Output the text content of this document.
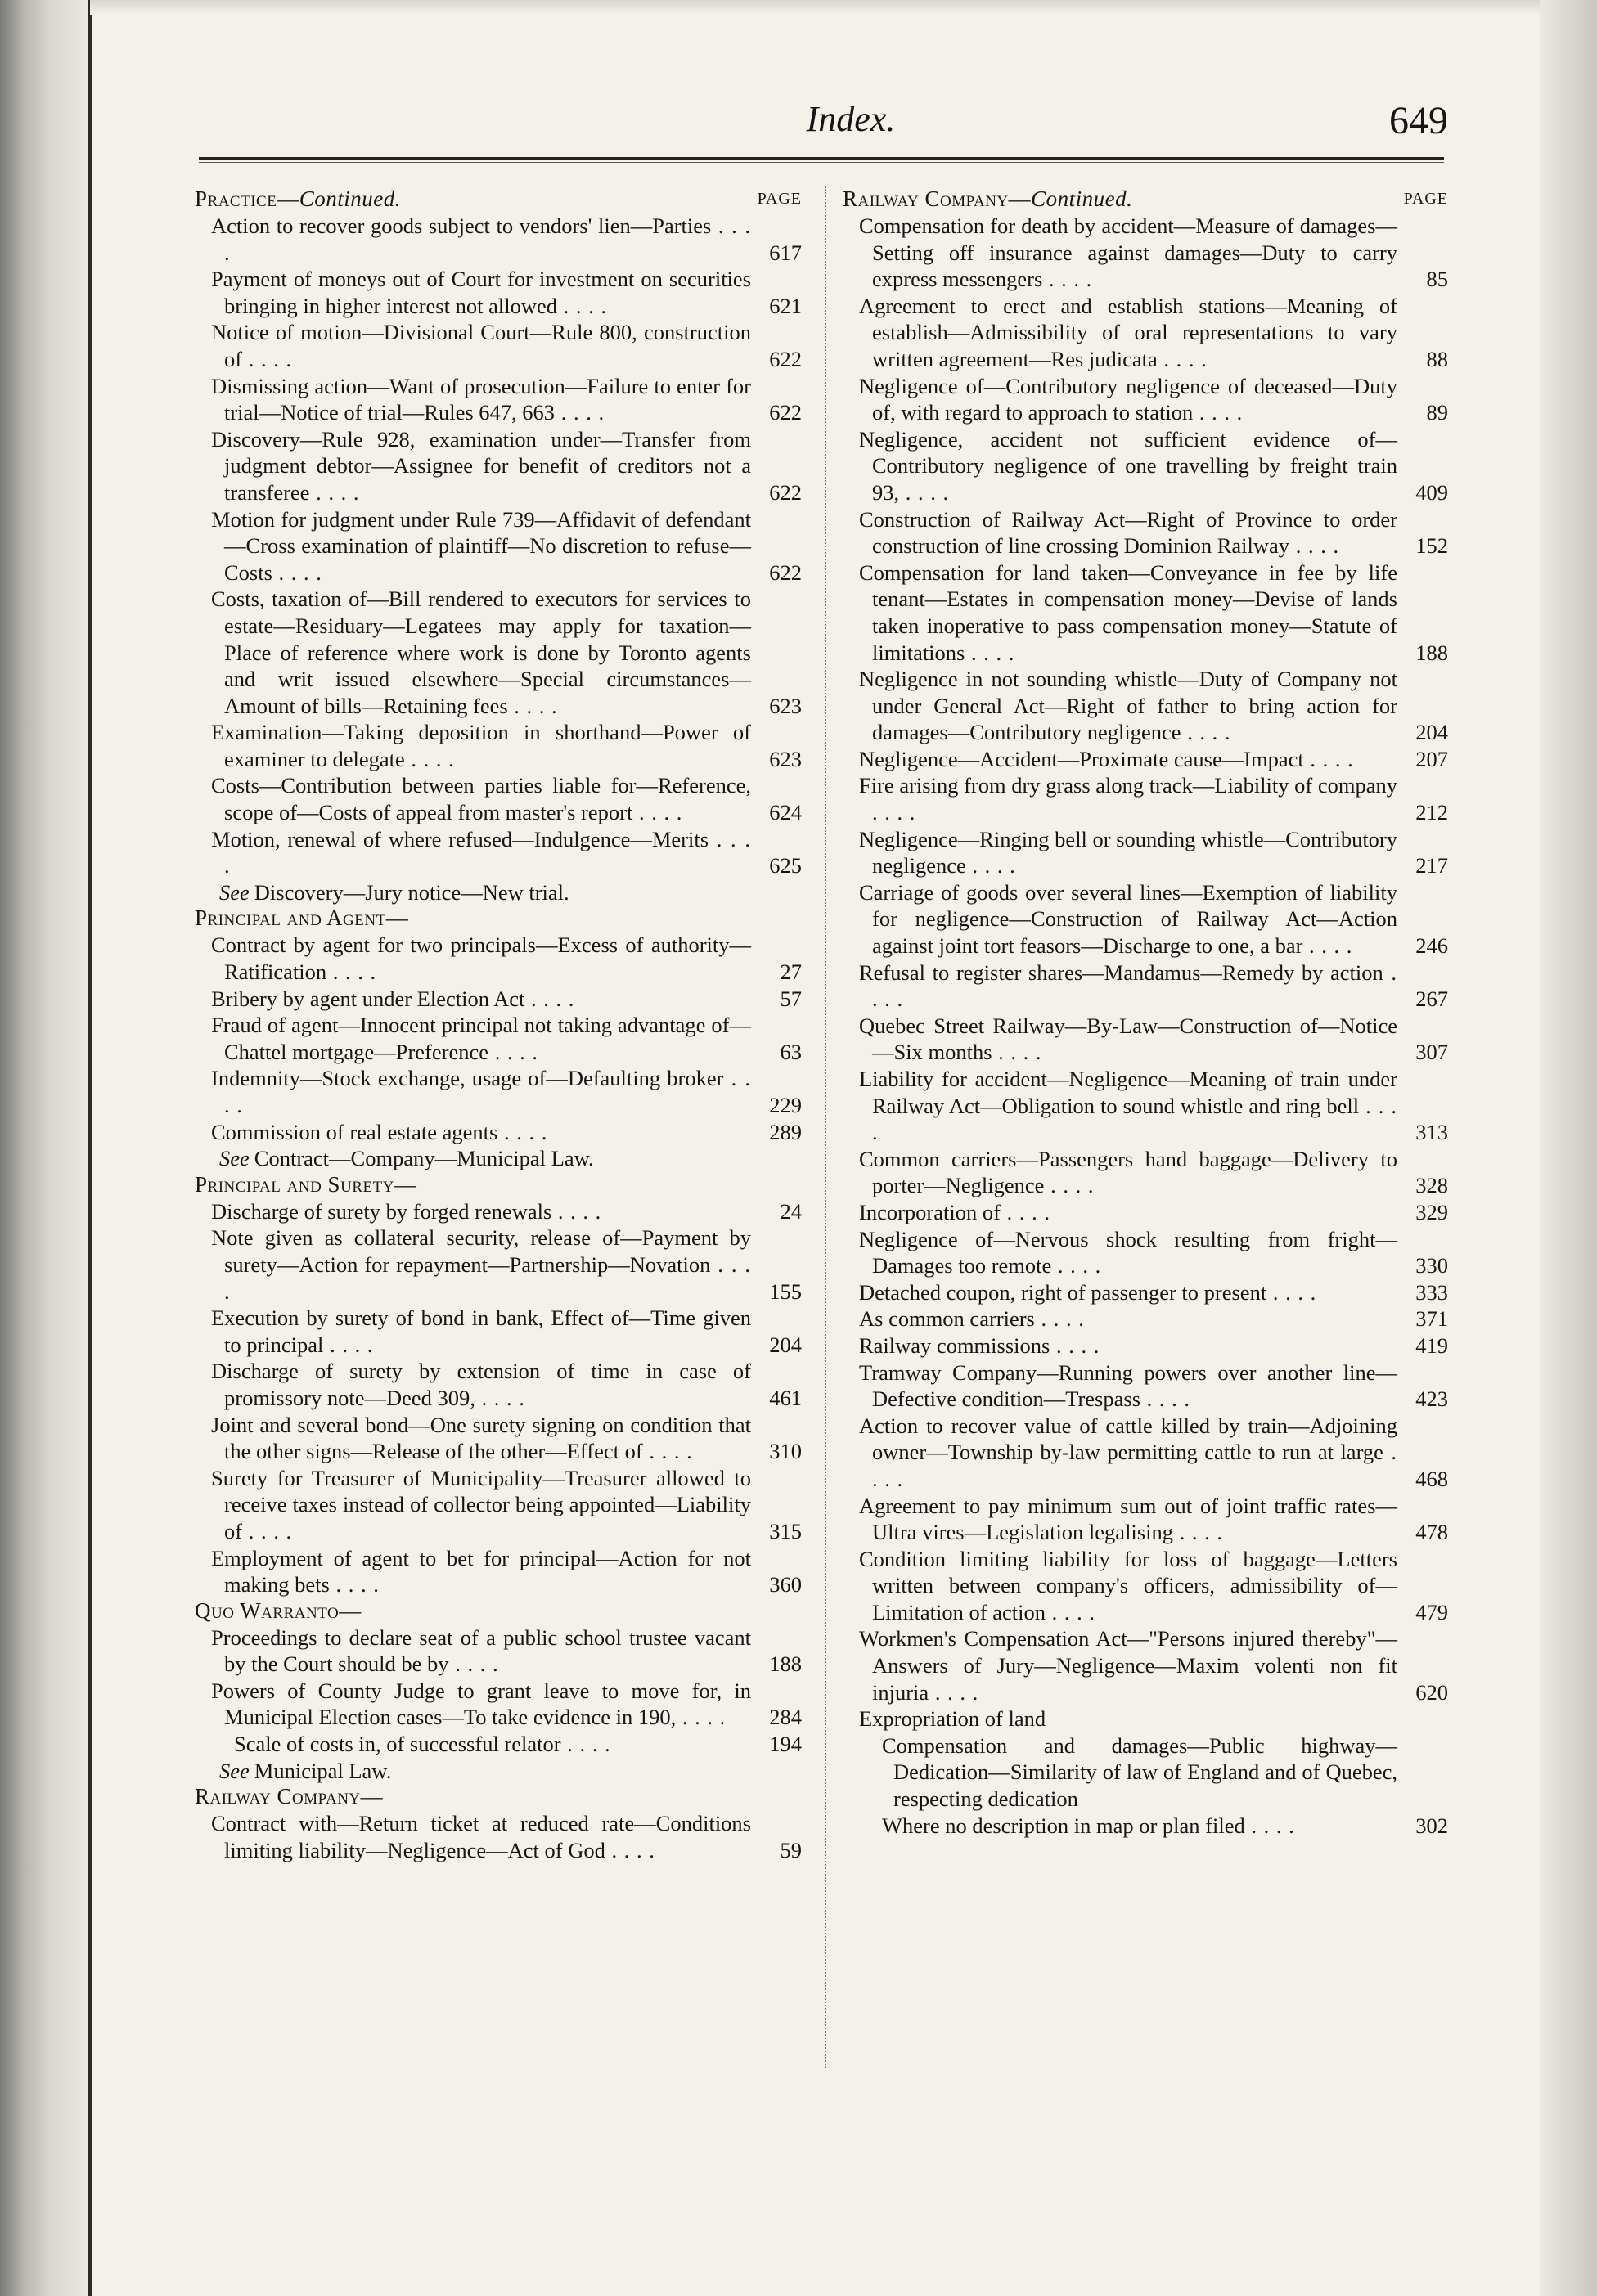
Index.	649
Practice—Continued.	PAGE
Action to recover goods subject to vendors' lien—Parties . . . .	617
Payment of moneys out of Court for investment on securities bringing in higher interest not allowed . . . .	621
Notice of motion—Divisional Court—Rule 800, construction of . . . .	622
Dismissing action—Want of prosecution—Failure to enter for trial—Notice of trial—Rules 647, 663 . . . .	622
Discovery—Rule 928, examination under—Transfer from judgment debtor—Assignee for benefit of creditors not a transferee . . . .	622
Motion for judgment under Rule 739—Affidavit of defendant—Cross examination of plaintiff—No discretion to refuse—Costs . . . .	622
Costs, taxation of—Bill rendered to executors for services to estate—Residuary—Legatees may apply for taxation—Place of reference where work is done by Toronto agents and writ issued elsewhere—Special circumstances—Amount of bills—Retaining fees . . . .	623
Examination—Taking deposition in shorthand—Power of examiner to delegate . . . .	623
Costs—Contribution between parties liable for—Reference, scope of—Costs of appeal from master's report . . . .	624
Motion, renewal of where refused—Indulgence—Merits . . . .	625
See Discovery—Jury notice—New trial.
Principal and Agent—
Contract by agent for two principals—Excess of authority—Ratification . . . .	27
Bribery by agent under Election Act . . . .	57
Fraud of agent—Innocent principal not taking advantage of—Chattel mortgage—Preference . . . .	63
Indemnity—Stock exchange, usage of—Defaulting broker . . . .	229
Commission of real estate agents . . . .	289
See Contract—Company—Municipal Law.
Principal and Surety—
Discharge of surety by forged renewals . . . .	24
Note given as collateral security, release of—Payment by surety—Action for repayment—Partnership—Novation . . . .	155
Execution by surety of bond in bank, Effect of—Time given to principal . . . .	204
Discharge of surety by extension of time in case of promissory note—Deed 309, . . . .	461
Joint and several bond—One surety signing on condition that the other signs—Release of the other—Effect of . . . .	310
Surety for Treasurer of Municipality—Treasurer allowed to receive taxes instead of collector being appointed—Liability of . . . .	315
Employment of agent to bet for principal—Action for not making bets . . . .	360
Quo Warranto—
Proceedings to declare seat of a public school trustee vacant by the Court should be by . . . .	188
Powers of County Judge to grant leave to move for, in Municipal Election cases—To take evidence in 190, . . . .	284
Scale of costs in, of successful relator . . . .	194
See Municipal Law.
Railway Company—
Contract with—Return ticket at reduced rate—Conditions limiting liability—Negligence—Act of God . . . .	59
Railway Company—Continued.	PAGE
Compensation for death by accident—Measure of damages—Setting off insurance against damages—Duty to carry express messengers . . . .	85
Agreement to erect and establish stations—Meaning of establish—Admissibility of oral representations to vary written agreement—Res judicata . . . .	88
Negligence of—Contributory negligence of deceased—Duty of, with regard to approach to station . . . .	89
Negligence, accident not sufficient evidence of—Contributory negligence of one travelling by freight train 93, . . . .	409
Construction of Railway Act—Right of Province to order construction of line crossing Dominion Railway . . . .	152
Compensation for land taken—Conveyance in fee by life tenant—Estates in compensation money—Devise of lands taken inoperative to pass compensation money—Statute of limitations . . . .	188
Negligence in not sounding whistle—Duty of Company not under General Act—Right of father to bring action for damages—Contributory negligence . . . .	204
Negligence—Accident—Proximate cause—Impact . . . .	207
Fire arising from dry grass along track—Liability of company . . . .	212
Negligence—Ringing bell or sounding whistle—Contributory negligence . . . .	217
Carriage of goods over several lines—Exemption of liability for negligence—Construction of Railway Act—Action against joint tort feasors—Discharge to one, a bar . . . .	246
Refusal to register shares—Mandamus—Remedy by action . . . .	267
Quebec Street Railway—By-Law—Construction of—Notice—Six months . . . .	307
Liability for accident—Negligence—Meaning of train under Railway Act—Obligation to sound whistle and ring bell . . . .	313
Common carriers—Passengers hand baggage—Delivery to porter—Negligence . . . .	328
Incorporation of . . . .	329
Negligence of—Nervous shock resulting from fright—Damages too remote . . . .	330
Detached coupon, right of passenger to present . . . .	333
As common carriers . . . .	371
Railway commissions . . . .	419
Tramway Company—Running powers over another line—Defective condition—Trespass . . . .	423
Action to recover value of cattle killed by train—Adjoining owner—Township by-law permitting cattle to run at large . . . .	468
Agreement to pay minimum sum out of joint traffic rates—Ultra vires—Legislation legalising . . . .	478
Condition limiting liability for loss of baggage—Letters written between company's officers, admissibility of—Limitation of action . . . .	479
Workmen's Compensation Act—"Persons injured thereby"—Answers of Jury—Negligence—Maxim volenti non fit injuria . . . .	620
Expropriation of land
Compensation and damages—Public highway—Dedication—Similarity of law of England and of Quebec, respecting dedication
Where no description in map or plan filed . . . .	302
